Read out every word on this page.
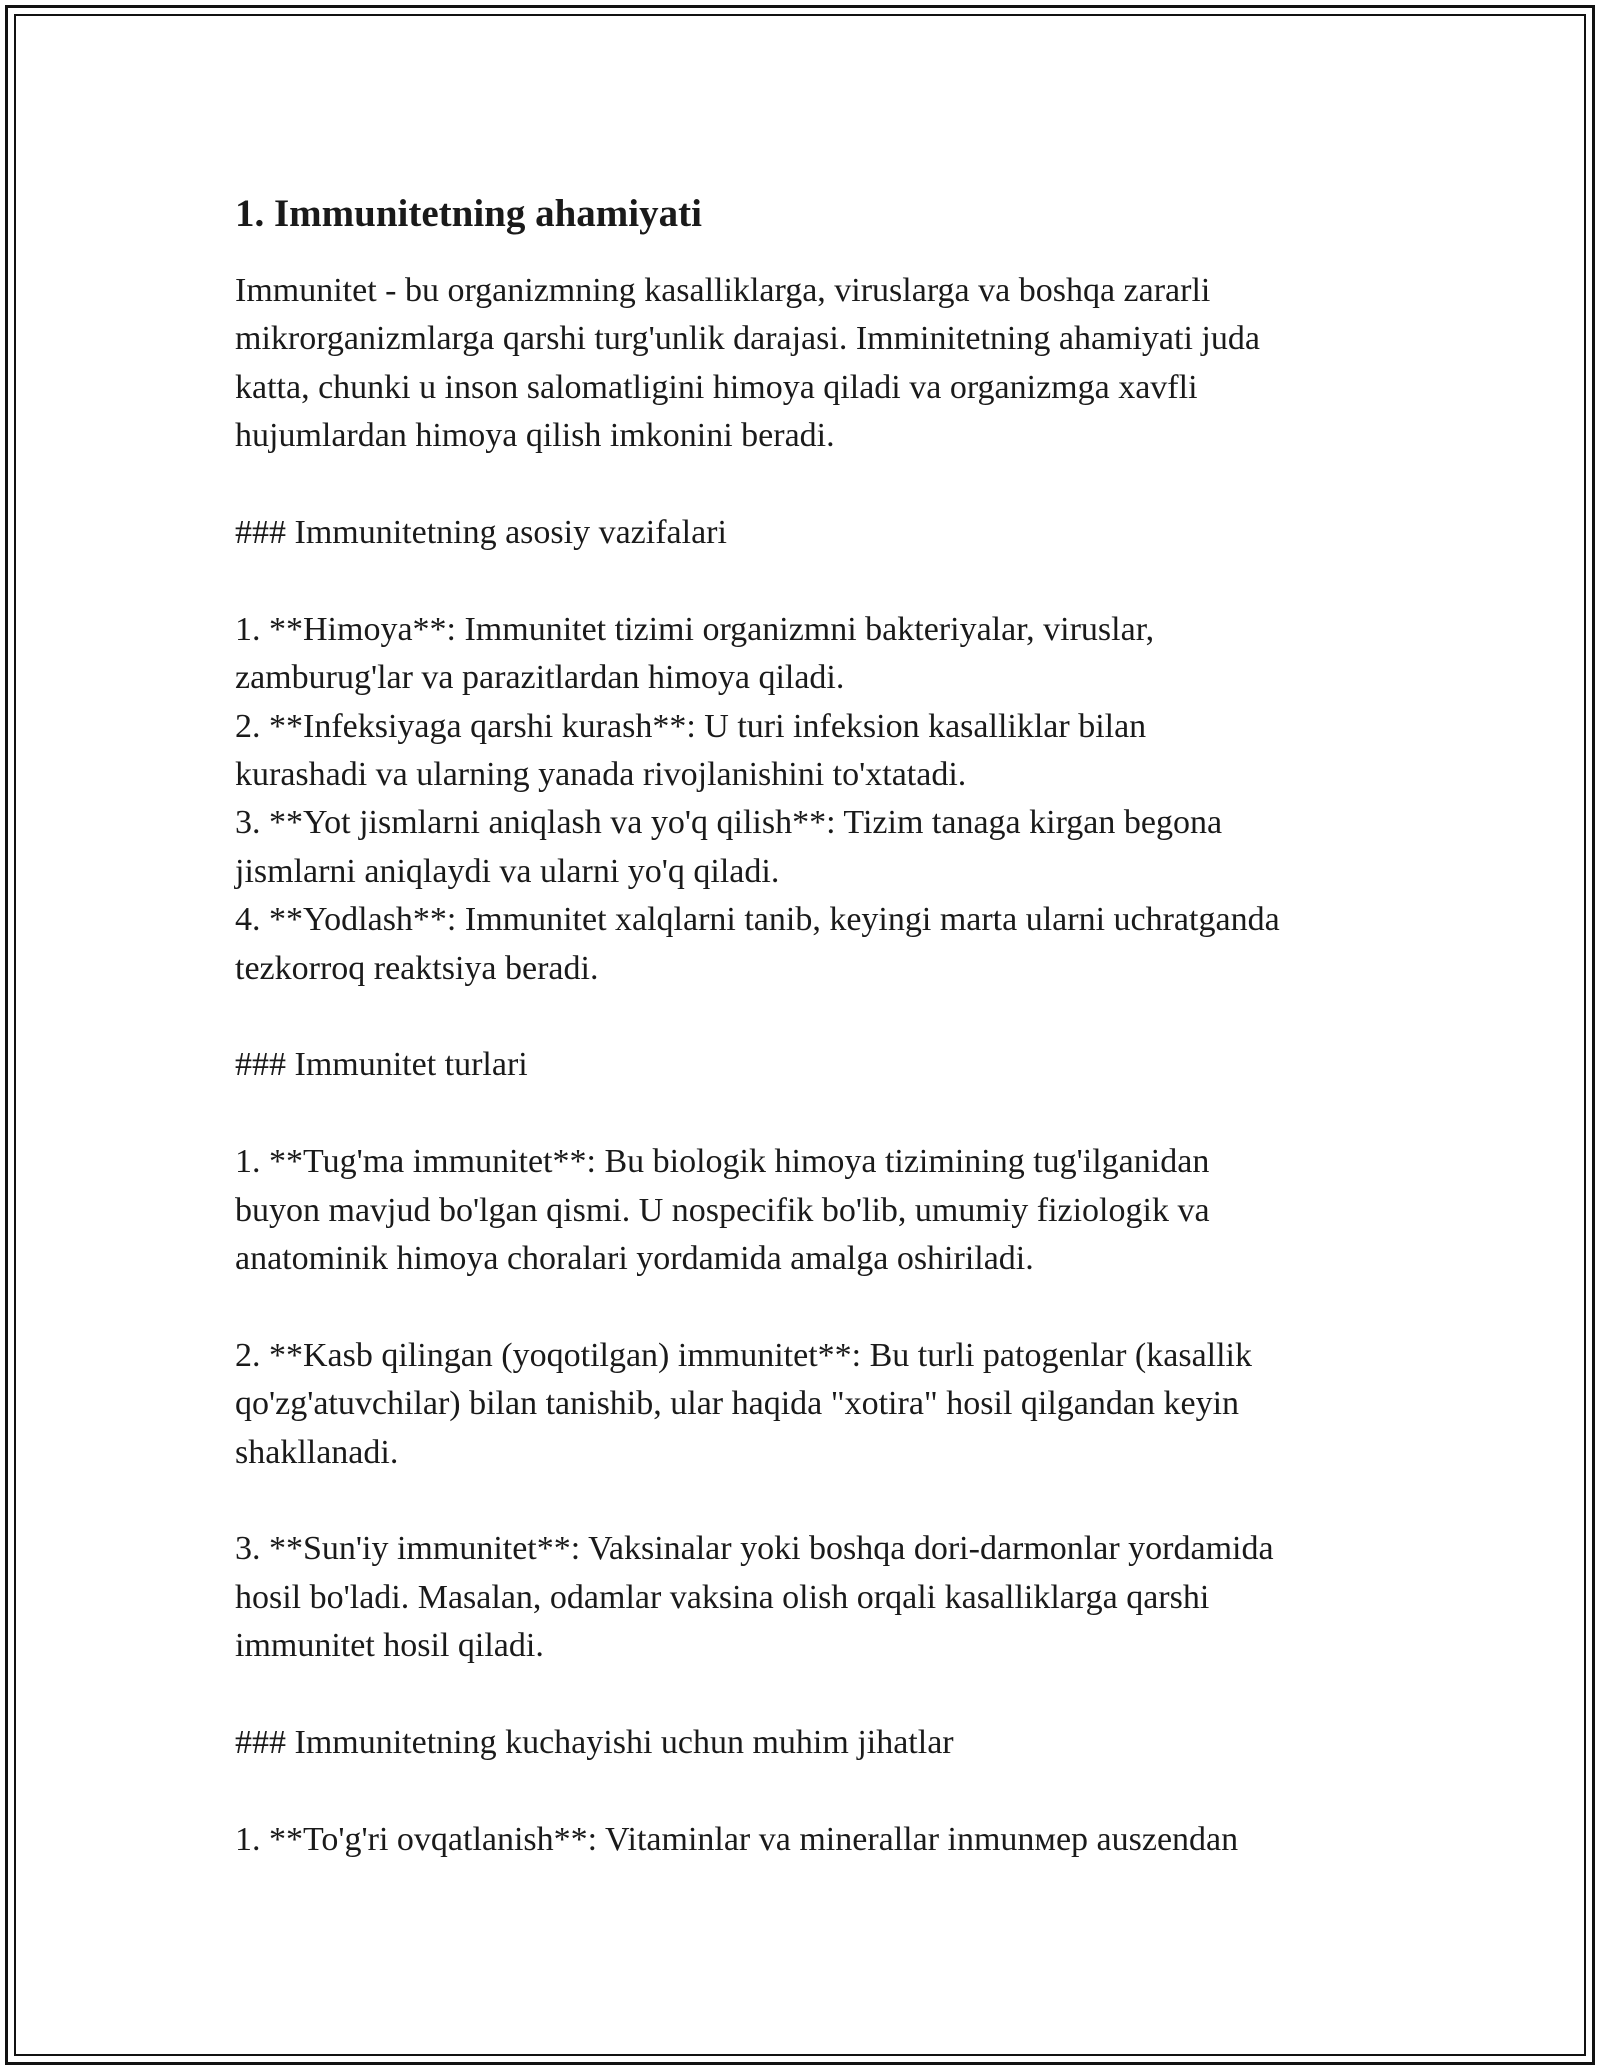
1. Immunitetning ahamiyati

Immunitet - bu organizmning kasalliklarga, viruslarga va boshqa zararli
mikrorganizmlarga qarshi turg'unlik darajasi. Imminitetning ahamiyati juda
katta, chunki u inson salomatligini himoya qiladi va organizmga xavfli
hujumlardan himoya qilish imkonini beradi.

### Immunitetning asosiy vazifalari

1. **Himoya**: Immunitet tizimi organizmni bakteriyalar, viruslar,
zamburug'lar va parazitlardan himoya qiladi.

2. **Infeksiyaga qarshi kurash**: U turi infeksion kasalliklar bilan
kurashadi va ularning yanada rivojlanishini to'xtatadi.

3. **Yot jismlarni aniqlash va yo'q qilish**: Tizim tanaga kirgan begona
jismlarni aniqlaydi va ularni yo'q qiladi.

4. **Yodlash**: Immunitet xalqlarni tanib, keyingi marta ularni uchratganda
tezkorroq reaktsiya beradi.

### Immunitet turlari

1. **Tug'ma immunitet**: Bu biologik himoya tizimining tug'ilganidan
buyon mavjud bo'lgan qismi. U nospecifik bo'lib, umumiy fiziologik va
anatominik himoya choralari yordamida amalga oshiriladi.

2. **Kasb qilingan (yoqotilgan) immunitet**: Bu turli patogenlar (kasallik
qo'zg'atuvchilar) bilan tanishib, ular haqida "xotira" hosil qilgandan keyin
shakllanadi.

3. **Sun'iy immunitet**: Vaksinalar yoki boshqa dori-darmonlar yordamida
hosil bo'ladi. Masalan, odamlar vaksina olish orqali kasalliklarga qarshi
immunitet hosil qiladi.

### Immunitetning kuchayishi uchun muhim jihatlar

1. **To'g'ri ovqatlanish**: Vitaminlar va minerallar inmunмер auszendan
